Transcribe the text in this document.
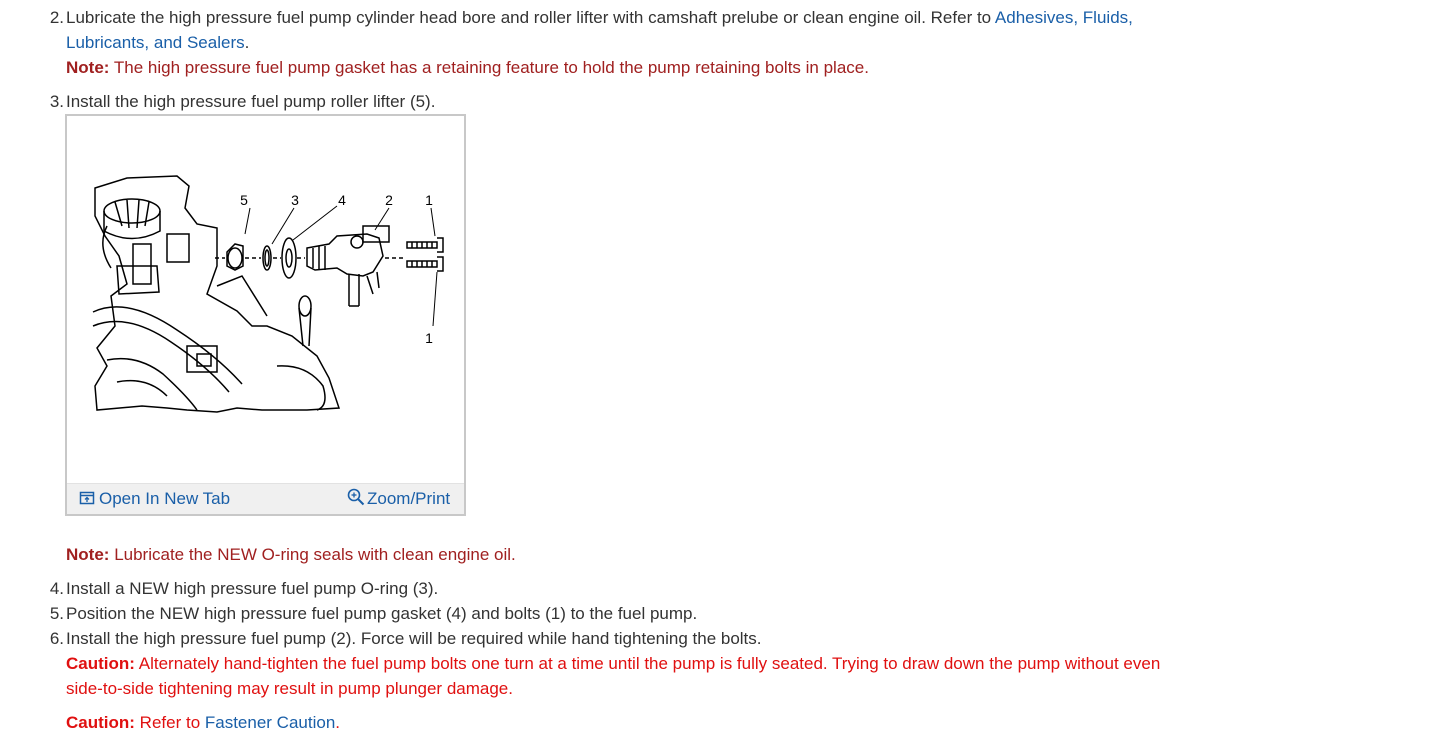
2. Lubricate the high pressure fuel pump cylinder head bore and roller lifter with camshaft prelube or clean engine oil. Refer to Adhesives, Fluids,
Lubricants, and Sealers.
Note: The high pressure fuel pump gasket has a retaining feature to hold the pump retaining bolts in place.
3. Install the high pressure fuel pump roller lifter (5).
5	3	4	2 1
1
Open In New Tab	Zoom/Print
Note: Lubricate the NEW O-ring seals with clean engine oil.
4. Install a NEW high pressure fuel pump O-ring (3).
5. Position the NEW high pressure fuel pump gasket (4) and bolts (1) to the fuel pump.
6. Install the high pressure fuel pump (2). Force will be required while hand tightening the bolts.
Caution: Alternately hand-tighten the fuel pump bolts one turn at a time until the pump is fully seated. Trying to draw down the pump without even
side-to-side tightening may result in pump plunger damage.
Caution: Refer to Fastener Caution.
